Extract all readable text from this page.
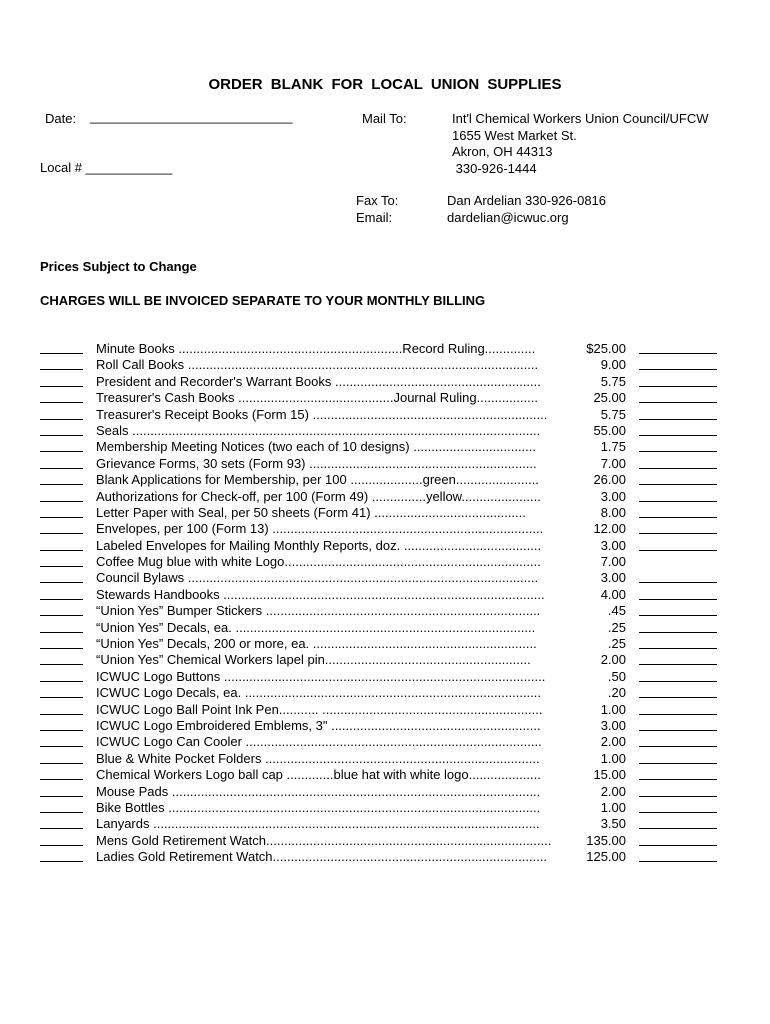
ORDER BLANK FOR LOCAL UNION SUPPLIES
Date: ____________________________
Local # ____________
Mail To:	Int'l Chemical Workers Union Council/UFCW
1655 West Market St.
Akron, OH 44313
330-926-1444
Fax To:	Dan Ardelian 330-926-0816
Email:	dardelian@icwuc.org
Prices Subject to Change
CHARGES WILL BE INVOICED SEPARATE TO YOUR MONTHLY BILLING
Minute Books ..............................................................Record Ruling..............	$25.00
Roll Call Books .................................................................................................	9.00
President and Recorder's Warrant Books .........................................................	5.75
Treasurer's Cash Books ...........................................Journal Ruling.................	25.00
Treasurer's Receipt Books (Form 15) .................................................................	5.75
Seals .................................................................................................................	55.00
Membership Meeting Notices (two each of 10 designs) ..................................	1.75
Grievance Forms, 30 sets (Form 93) ...............................................................	7.00
Blank Applications for Membership, per 100 ....................green.......................	26.00
Authorizations for Check-off, per 100 (Form 49) ...............yellow......................	3.00
Letter Paper with Seal, per 50 sheets (Form 41) ..........................................	8.00
Envelopes, per 100 (Form 13) ...........................................................................	12.00
Labeled Envelopes for Mailing Monthly Reports, doz. ......................................	3.00
Coffee Mug blue with white Logo.......................................................................	7.00
Council Bylaws .................................................................................................	3.00
Stewards Handbooks .........................................................................................	4.00
“Union Yes” Bumper Stickers ............................................................................	.45
“Union Yes” Decals, ea. ...................................................................................	.25
“Union Yes” Decals, 200 or more, ea. ..............................................................	.25
“Union Yes” Chemical Workers lapel pin.........................................................	2.00
ICWUC Logo Buttons .........................................................................................	.50
ICWUC Logo Decals, ea. ..................................................................................	.20
ICWUC Logo Ball Point Ink Pen........... .............................................................	1.00
ICWUC Logo Embroidered Emblems, 3" ..........................................................	3.00
ICWUC Logo Can Cooler ..................................................................................	2.00
Blue & White Pocket Folders ............................................................................	1.00
Chemical Workers Logo ball cap .............blue hat with white logo....................	15.00
Mouse Pads ......................................................................................................	2.00
Bike Bottles .......................................................................................................	1.00
Lanyards ...........................................................................................................	3.50
Mens Gold Retirement Watch...............................................................................	135.00
Ladies Gold Retirement Watch............................................................................	125.00
